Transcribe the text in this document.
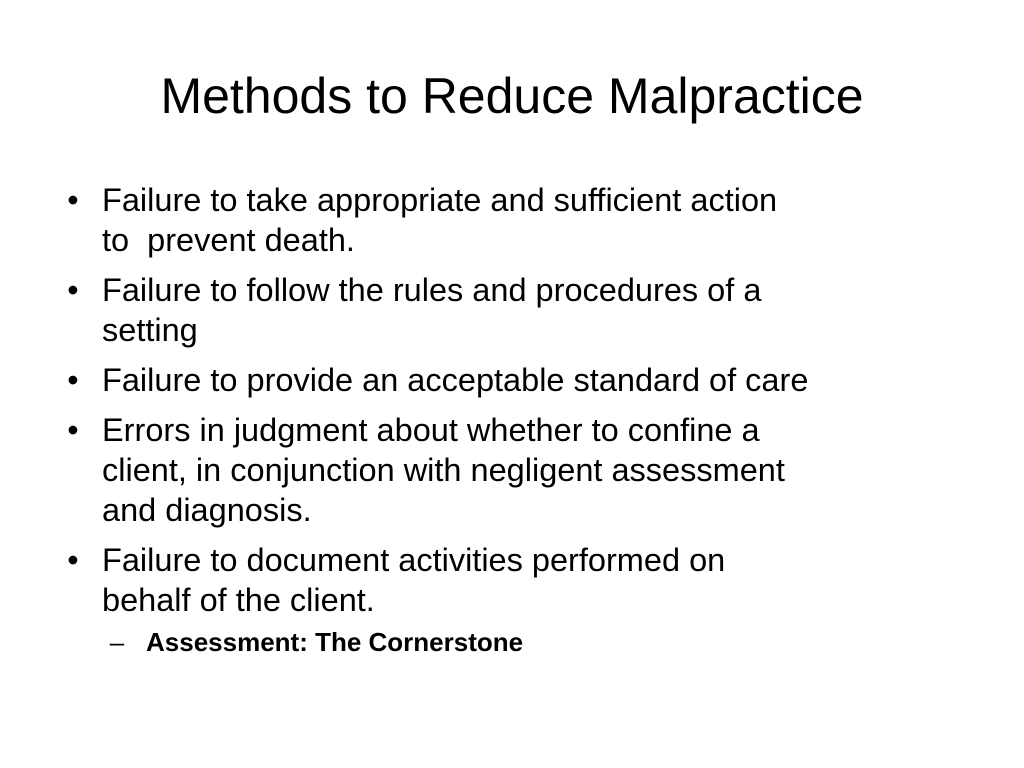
Methods to Reduce Malpractice
• Failure to take appropriate and sufficient action
to  prevent death.
• Failure to follow the rules and procedures of a
setting
• Failure to provide an acceptable standard of care
• Errors in judgment about whether to confine a
client, in conjunction with negligent assessment
and diagnosis.
• Failure to document activities performed on
behalf of the client.
– Assessment: The Cornerstone
